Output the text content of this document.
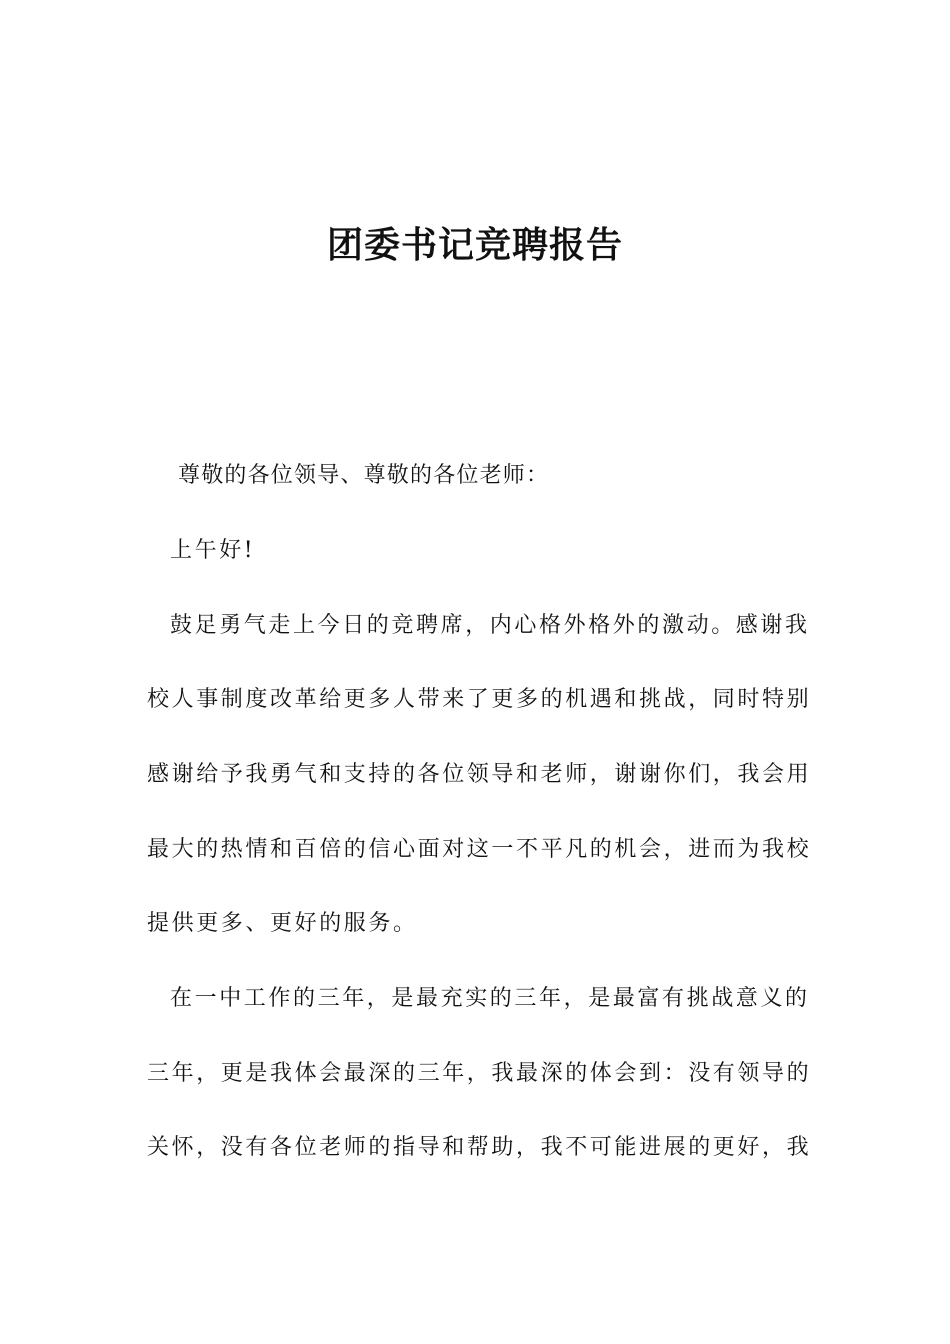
团委书记竞聘报告
尊敬的各位领导、尊敬的各位老师：
上午好!
鼓足勇气走上今日的竞聘席，内心格外格外的激动。感谢我
校人事制度改革给更多人带来了更多的机遇和挑战，同时特别
感谢给予我勇气和支持的各位领导和老师，谢谢你们，我会用
最大的热情和百倍的信心面对这一不平凡的机会，进而为我校
提供更多、更好的服务。
在一中工作的三年，是最充实的三年，是最富有挑战意义的
三年，更是我体会最深的三年，我最深的体会到：没有领导的
关怀，没有各位老师的指导和帮助，我不可能进展的更好，我
